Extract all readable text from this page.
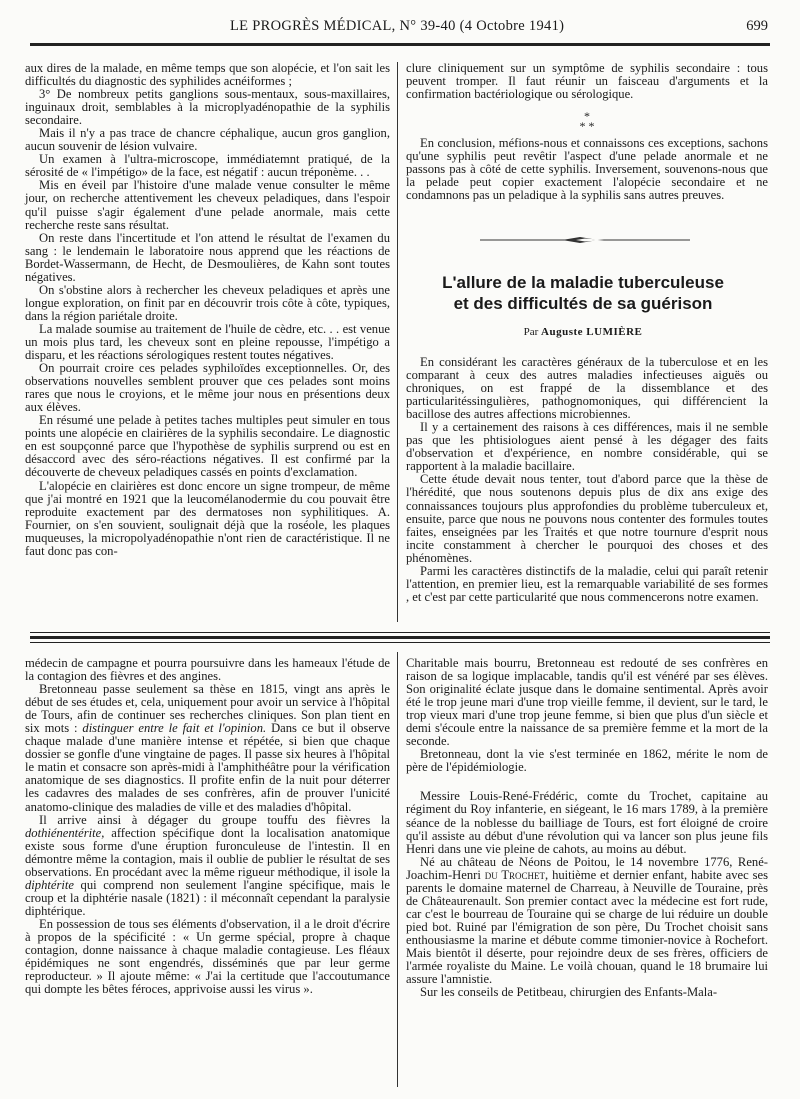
LE PROGRÈS MÉDICAL, N° 39-40 (4 Octobre 1941)	699

aux dires de la malade, en même temps que son alopécie, et l'on sait les difficultés du diagnostic des syphilides acnéiformes ;

3° De nombreux petits ganglions sous-mentaux, sous-maxillaires, inguinaux droit, semblables à la microplyadénopathie de la syphilis secondaire.

Mais il n'y a pas trace de chancre céphalique, aucun gros ganglion, aucun souvenir de lésion vulvaire.

Un examen à l'ultra-microscope, immédiatemnt pratiqué, de la sérosité de « l'impétigo» de la face, est négatif : aucun tréponème. . .

Mis en éveil par l'histoire d'une malade venue consulter le même jour, on recherche attentivement les cheveux peladiques, dans l'espoir qu'il puisse s'agir également d'une pelade anormale, mais cette recherche reste sans résultat.

On reste dans l'incertitude et l'on attend le résultat de l'examen du sang : le lendemain le laboratoire nous apprend que les réactions de Bordet-Wassermann, de Hecht, de Desmoulières, de Kahn sont toutes négatives.

On s'obstine alors à rechercher les cheveux peladiques et après une longue exploration, on finit par en découvrir trois côte à côte, typiques, dans la région pariétale droite.

La malade soumise au traitement de l'huile de cèdre, etc. . . est venue un mois plus tard, les cheveux sont en pleine repousse, l'impétigo a disparu, et les réactions sérologiques restent toutes négatives.

On pourrait croire ces pelades syphiloïdes exceptionnelles. Or, des observations nouvelles semblent prouver que ces pelades sont moins rares que nous le croyions, et le même jour nous en présentions deux aux élèves.

En résumé une pelade à petites taches multiples peut simuler en tous points une alopécie en clairières de la syphilis secondaire. Le diagnostic en est soupçonné parce que l'hypothèse de syphilis surprend ou est en désaccord avec des séro-réactions négatives. Il est confirmé par la découverte de cheveux peladiques cassés en points d'exclamation.

L'alopécie en clairières est donc encore un signe trompeur, de même que j'ai montré en 1921 que la leucomélanodermie du cou pouvait être reproduite exactement par des dermatoses non syphilitiques. A. Fournier, on s'en souvient, soulignait déjà que la roséole, les plaques muqueuses, la micropolyadénopathie n'ont rien de caractéristique. Il ne faut donc pas con-

clure cliniquement sur un symptôme de syphilis secondaire : tous peuvent tromper. Il faut réunir un faisceau d'arguments et la confirmation bactériologique ou sérologique.

*
* *

En conclusion, méfions-nous et connaissons ces exceptions, sachons qu'une syphilis peut revêtir l'aspect d'une pelade anormale et ne passons pas à côté de cette syphilis. Inversement, souvenons-nous que la pelade peut copier exactement l'alopécie secondaire et ne condamnons pas un peladique à la syphilis sans autres preuves.

L'allure de la maladie tuberculeuse
et des difficultés de sa guérison
Par Auguste LUMIÈRE

En considérant les caractères généraux de la tuberculose et en les comparant à ceux des autres maladies infectieuses aiguës ou chroniques, on est frappé de la dissemblance et des particularitéssingulières, pathognomoniques, qui différencient la bacillose des autres affections microbiennes.

Il y a certainement des raisons à ces différences, mais il ne semble pas que les phtisiologues aient pensé à les dégager des faits d'observation et d'expérience, en nombre considérable, qui se rapportent à la maladie bacillaire.

Cette étude devait nous tenter, tout d'abord parce que la thèse de l'hérédité, que nous soutenons depuis plus de dix ans exige des connaissances toujours plus approfondies du problème tuberculeux et, ensuite, parce que nous ne pouvons nous contenter des formules toutes faites, enseignées par les Traités et que notre tournure d'esprit nous incite constamment à chercher le pourquoi des choses et des phénomènes.

Parmi les caractères distinctifs de la maladie, celui qui paraît retenir l'attention, en premier lieu, est la remarquable variabilité de ses formes , et c'est par cette particularité que nous commencerons notre examen.

médecin de campagne et pourra poursuivre dans les hameaux l'étude de la contagion des fièvres et des angines.

Bretonneau passe seulement sa thèse en 1815, vingt ans après le début de ses études et, cela, uniquement pour avoir un service à l'hôpital de Tours, afin de continuer ses recherches cliniques. Son plan tient en six mots : distinguer entre le fait et l'opinion. Dans ce but il observe chaque malade d'une manière intense et répétée, si bien que chaque dossier se gonfle d'une vingtaine de pages. Il passe six heures à l'hôpital le matin et consacre son après-midi à l'amphithéâtre pour la vérification anatomique de ses diagnostics. Il profite enfin de la nuit pour déterrer les cadavres des malades de ses confrères, afin de prouver l'unicité anatomo-clinique des maladies de ville et des maladies d'hôpital.

Il arrive ainsi à dégager du groupe touffu des fièvres la dothiénentérite, affection spécifique dont la localisation anatomique existe sous forme d'une éruption furonculeuse de l'intestin. Il en démontre même la contagion, mais il oublie de publier le résultat de ses observations. En procédant avec la même rigueur méthodique, il isole la diphtérite qui comprend non seulement l'angine spécifique, mais le croup et la diphtérie nasale (1821) : il méconnaît cependant la paralysie diphtérique.

En possession de tous ses éléments d'observation, il a le droit d'écrire à propos de la spécificité : « Un germe spécial, propre à chaque contagion, donne naissance à chaque maladie contagieuse. Les fléaux épidémiques ne sont engendrés, disséminés que par leur germe reproducteur. » Il ajoute même: « J'ai la certitude que l'accoutumance qui dompte les bêtes féroces, apprivoise aussi les virus ».

Charitable mais bourru, Bretonneau est redouté de ses confrères en raison de sa logique implacable, tandis qu'il est vénéré par ses élèves. Son originalité éclate jusque dans le domaine sentimental. Après avoir été le trop jeune mari d'une trop vieille femme, il devient, sur le tard, le trop vieux mari d'une trop jeune femme, si bien que plus d'un siècle et demi s'écoule entre la naissance de sa première femme et la mort de la seconde.

Bretonneau, dont la vie s'est terminée en 1862, mérite le nom de père de l'épidémiologie.

Messire Louis-René-Frédéric, comte du Trochet, capitaine au régiment du Roy infanterie, en siégeant, le 16 mars 1789, à la première séance de la noblesse du bailliage de Tours, est fort éloigné de croire qu'il assiste au début d'une révolution qui va lancer son plus jeune fils Henri dans une vie pleine de cahots, au moins au début.

Né au château de Néons de Poitou, le 14 novembre 1776, René-Joachim-Henri du Trochet, huitième et dernier enfant, habite avec ses parents le domaine maternel de Charreau, à Neuville de Touraine, près de Châteaurenault. Son premier contact avec la médecine est fort rude, car c'est le bourreau de Touraine qui se charge de lui réduire un double pied bot. Ruiné par l'émigration de son père, Du Trochet choisit sans enthousiasme la marine et débute comme timonier-novice à Rochefort. Mais bientôt il déserte, pour rejoindre deux de ses frères, officiers de l'armée royaliste du Maine. Le voilà chouan, quand le 18 brumaire lui assure l'amnistie.

Sur les conseils de Petitbeau, chirurgien des Enfants-Mala-
